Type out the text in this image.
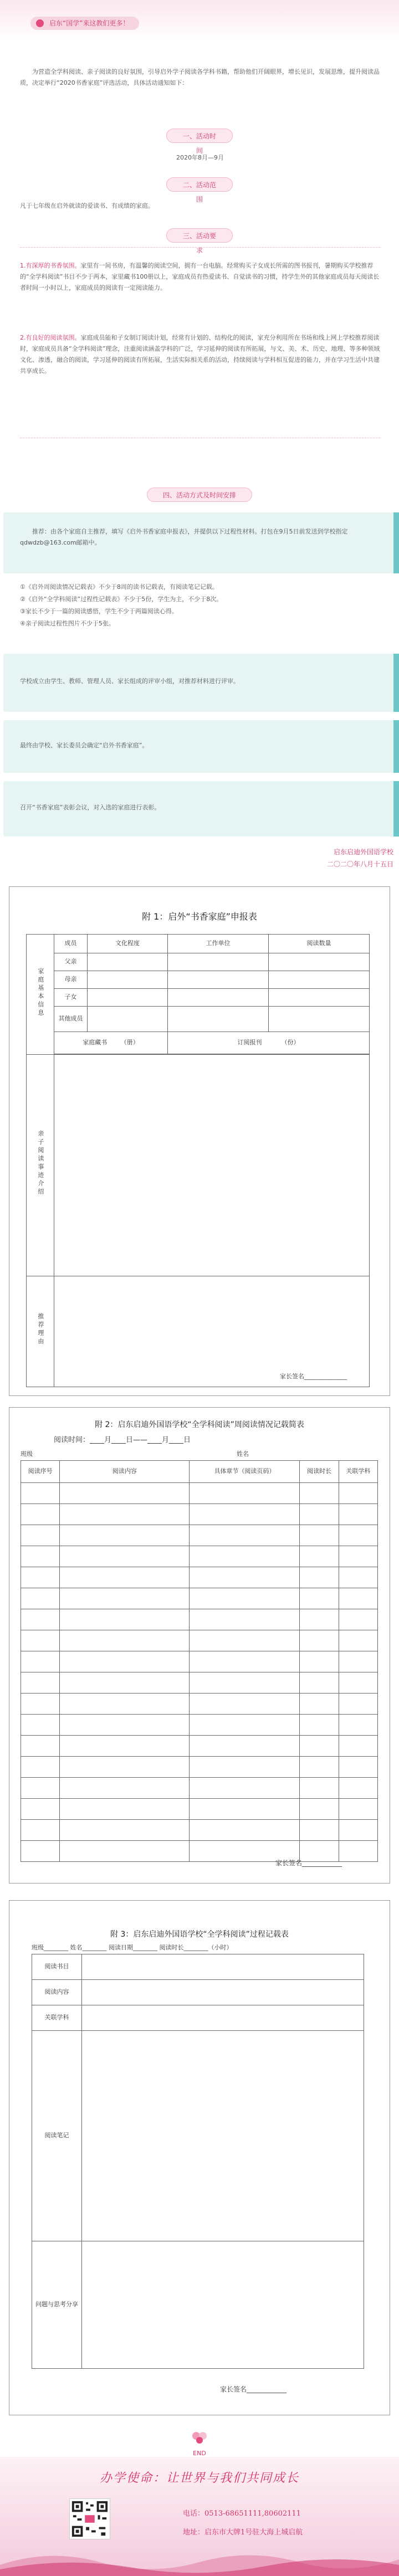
启东“国学”来这教们更多！
为营造全学科阅读、亲子阅读的良好氛围，引导启外学子阅读各学科书籍，帮助他们开阔眼界，增长见识，发展思维，提升阅读品质，决定举行“2020书香家庭”评选活动，具体活动通知如下：
一、活动时间
2020年8月—9月
二、活动范围
凡于七年级在启外就读的爱读书、有成绩的家庭。
三、活动要求
1.有深厚的书香氛围。家里有一间书房，有温馨的阅读空间，拥有一台电脑。经常购买子女成长所需的图书报刊，暑期购买学校推荐的“全学科阅读”书目不少于两本，家里藏书100册以上，家庭成员有热爱读书、自觉读书的习惯，持学生外的其他家庭成员每天阅读长者时间一小时以上，家庭成员的阅读有一定阅读能力。
2.有良好的阅读氛围。家庭成员能和子女制订阅读计划，经常有计划的、结构化的阅读，家充分利用所在书场和线上网上学校推荐阅读时，家庭成员具备“全学科阅读”理念，注重阅读涵盖学科的广泛，学习延伸的阅读有所拓展，与文、美、术、历史、地理、等多种领域文化、渗透，融合的阅读，学习延伸的阅读有所拓展，生活实际相关系的活动，持续阅读与学科相互促进的能力，并在学习生活中共建共享成长。
四、活动方式及时间安排
推荐：由各个家庭自主推荐，填写《启外书香家庭申报表》，并提供以下过程性材料。打包在9月5日前发送到学校指定qdwdzb@163.com邮箱中。
①《启外周阅读情况记载表》不少于8周的读书记载表，有阅读笔记记载。
②《启外“全学科阅读”过程性记载表》不少于5份，学生为主，不少于8次。
③家长不少于一篇的阅读感悟，学生不少于两篇阅读心得。
④亲子阅读过程性图片不少于5张。
学校成立由学生、教师、管理人员、家长组成的评审小组，对推荐材料进行评审。
最终由学校、家长委员会确定“启外书香家庭”。
召开“书香家庭”表彰会议，对入选的家庭进行表彰。
启东启迪外国语学校
二〇二〇年八月十五日
附 1：启外“书香家庭”申报表
家庭基本信息	成员	文化程度	工作单位	阅读数量
	父亲			
	母亲			
	子女			
	其他成员			
	家庭藏书 （册）		订阅报刊 （份）	

亲子阅读事迹介绍				
推荐理由	家长签名______________			
附 2：启东启迪外国语学校“全学科阅读”周阅读情况记载简表
阅读时间：____月____日——____月____日
班级	姓名
阅读序号	阅读内容	具体章节（阅读页码）	阅读时长	关联学科

家长签名____________
附 3：启东启迪外国语学校“全学科阅读”过程记载表
班级________ 姓名________ 阅读日期________ 阅读时长________（小时）
阅读书目	
阅读内容	
关联学科	
阅读笔记	
问题与思考分享	
家长签名____________
END
办学使命：让世界与我们共同成长
电话：0513-68651111,80602111
地址：启东市大牌1号驻大海上城启航
